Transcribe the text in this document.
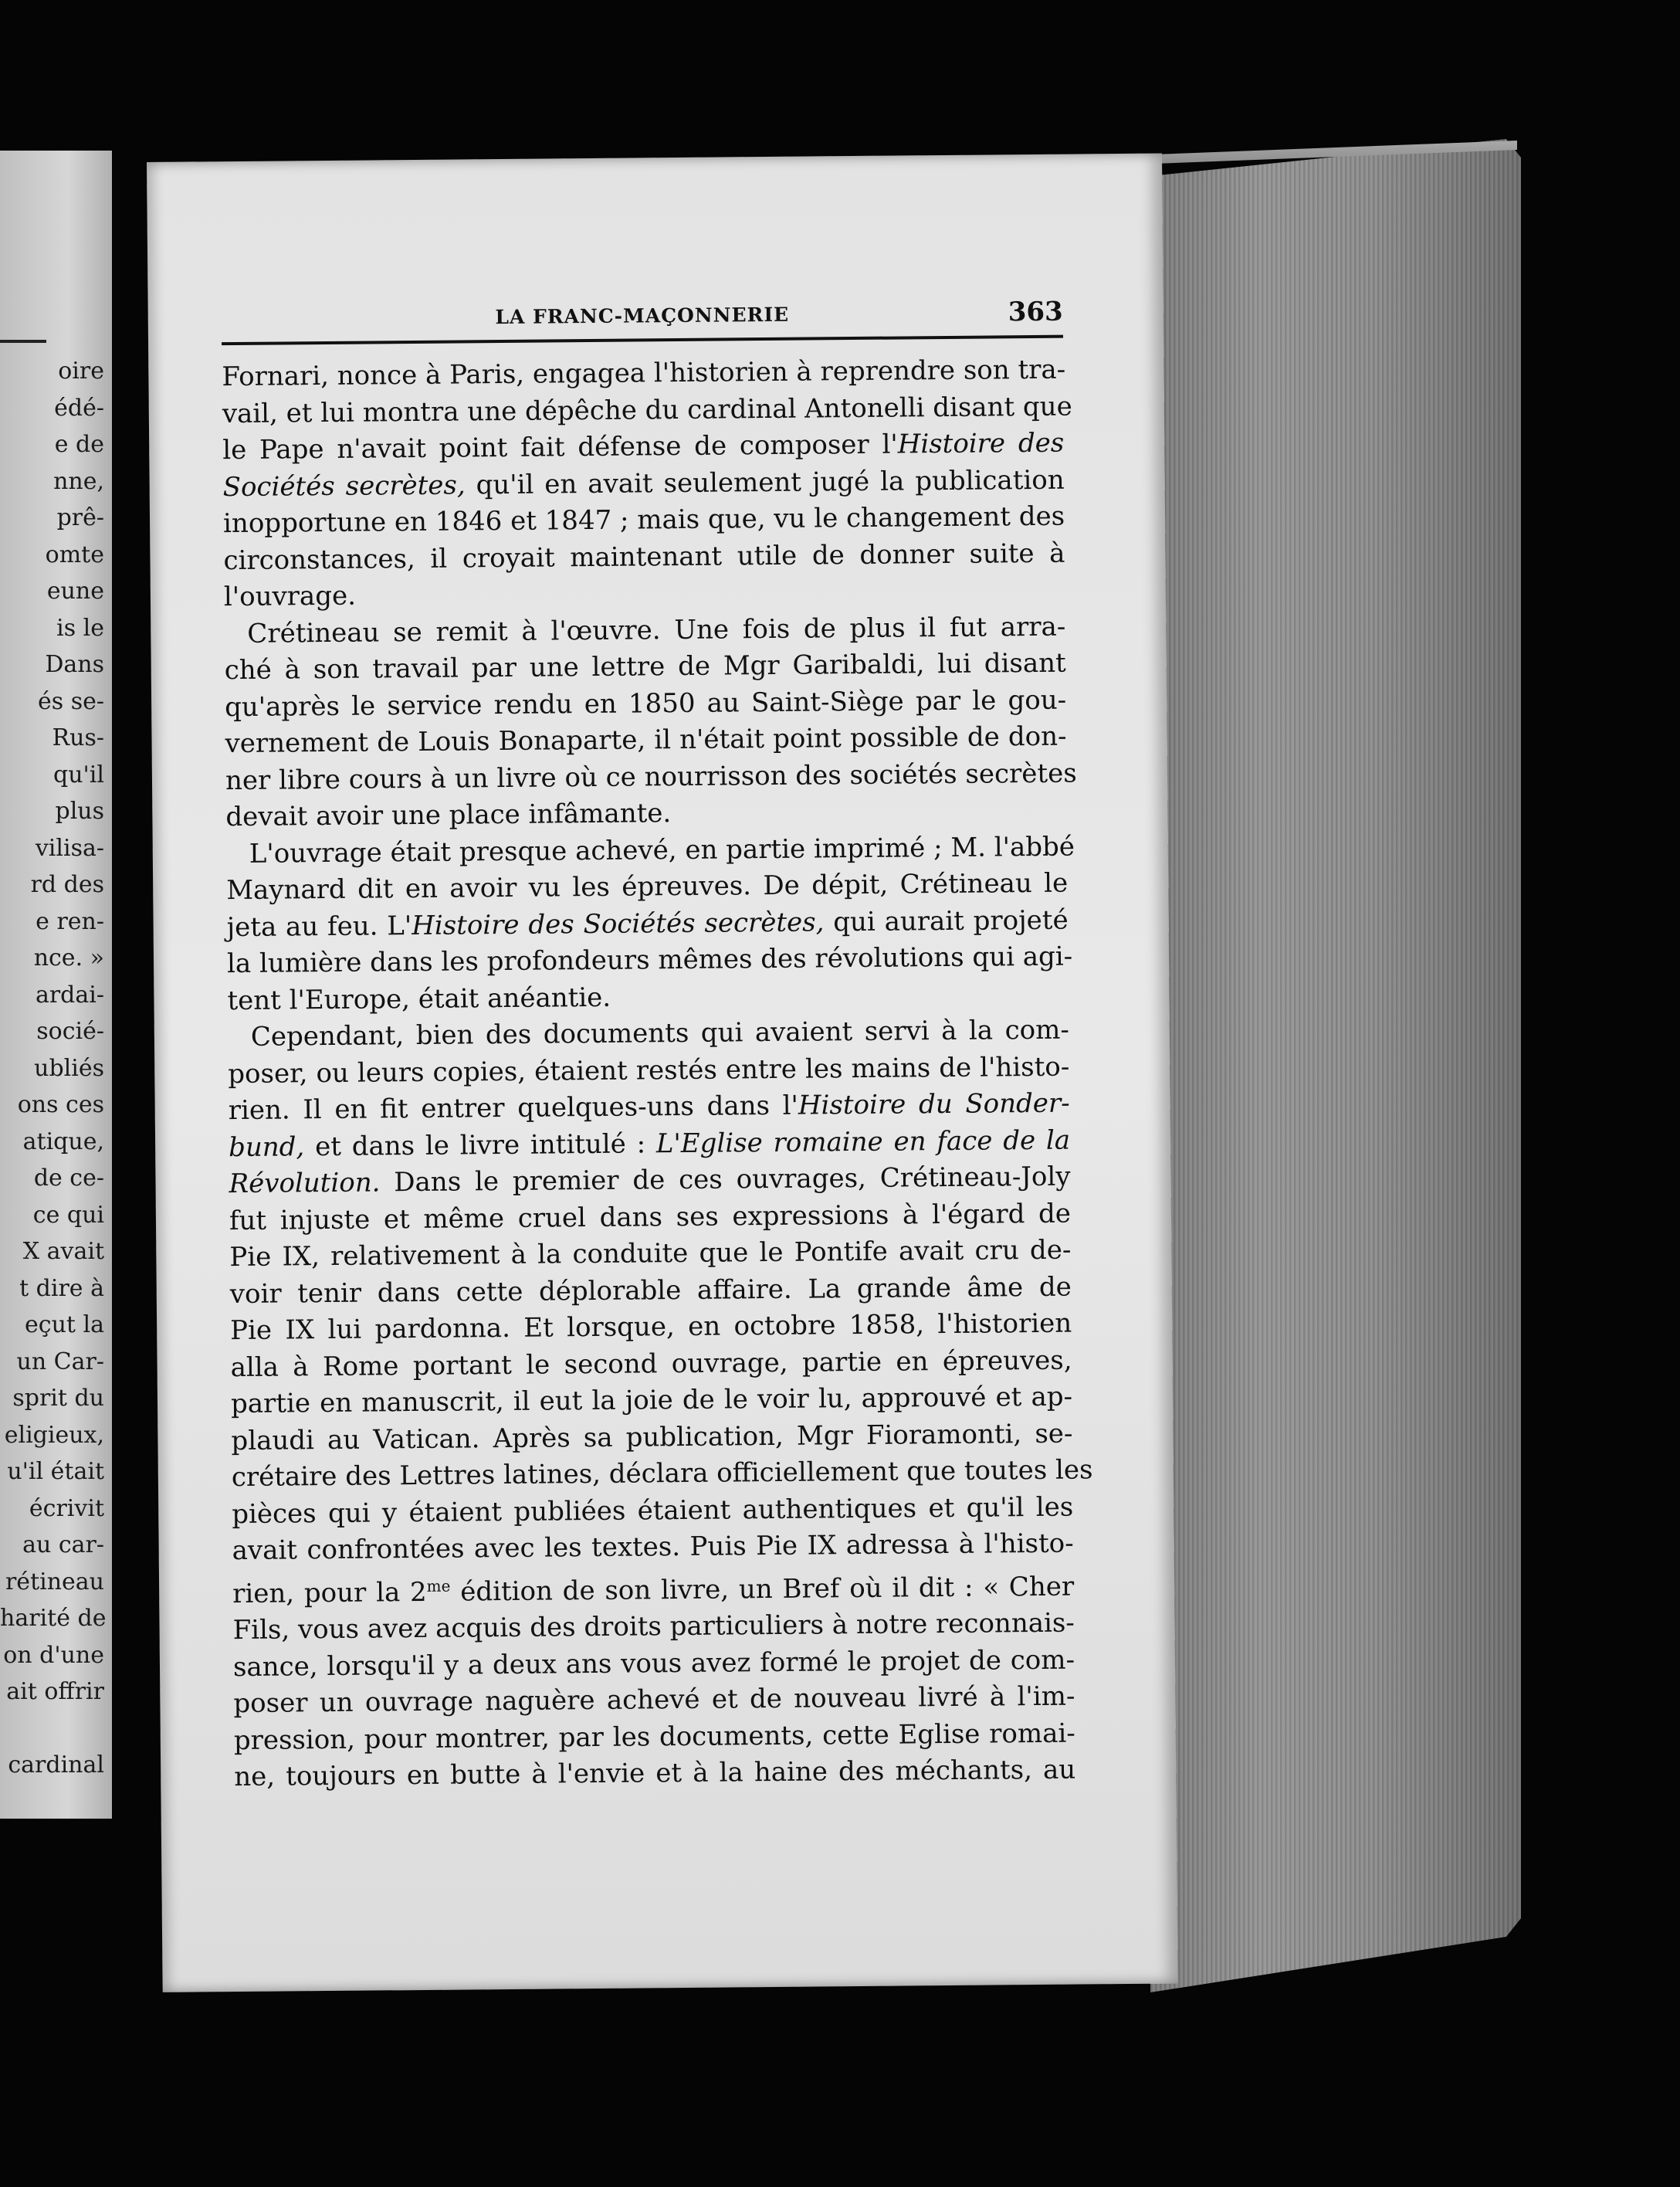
oire
édé-
e de
nne,
prê-
omte
eune
is le
Dans
és se-
Rus-
qu'il
plus
vilisa-
rd des
e ren-
nce. »
ardai-
socié-
ubliés
ons ces
atique,
de ce-
ce qui
X avait
t dire à
eçut la
un Car-
sprit du
eligieux,
u'il était
écrivit
au car-
rétineau
harité de
on d'une
ait offrir
cardinal
LA FRANC-MAÇONNERIE	363
Fornari, nonce à Paris, engagea l'historien à reprendre son tra-
vail, et lui montra une dépêche du cardinal Antonelli disant que
le Pape n'avait point fait défense de composer l'Histoire des
Sociétés secrètes, qu'il en avait seulement jugé la publication
inopportune en 1846 et 1847 ; mais que, vu le changement des
circonstances, il croyait maintenant utile de donner suite à
l'ouvrage.
Crétineau se remit à l'œuvre. Une fois de plus il fut arra-
ché à son travail par une lettre de Mgr Garibaldi, lui disant
qu'après le service rendu en 1850 au Saint-Siège par le gou-
vernement de Louis Bonaparte, il n'était point possible de don-
ner libre cours à un livre où ce nourrisson des sociétés secrètes
devait avoir une place infâmante.
L'ouvrage était presque achevé, en partie imprimé ; M. l'abbé
Maynard dit en avoir vu les épreuves. De dépit, Crétineau le
jeta au feu. L'Histoire des Sociétés secrètes, qui aurait projeté
la lumière dans les profondeurs mêmes des révolutions qui agi-
tent l'Europe, était anéantie.
Cependant, bien des documents qui avaient servi à la com-
poser, ou leurs copies, étaient restés entre les mains de l'histo-
rien. Il en fit entrer quelques-uns dans l'Histoire du Sonder-
bund, et dans le livre intitulé : L'Eglise romaine en face de la
Révolution. Dans le premier de ces ouvrages, Crétineau-Joly
fut injuste et même cruel dans ses expressions à l'égard de
Pie IX, relativement à la conduite que le Pontife avait cru de-
voir tenir dans cette déplorable affaire. La grande âme de
Pie IX lui pardonna. Et lorsque, en octobre 1858, l'historien
alla à Rome portant le second ouvrage, partie en épreuves,
partie en manuscrit, il eut la joie de le voir lu, approuvé et ap-
plaudi au Vatican. Après sa publication, Mgr Fioramonti, se-
crétaire des Lettres latines, déclara officiellement que toutes les
pièces qui y étaient publiées étaient authentiques et qu'il les
avait confrontées avec les textes. Puis Pie IX adressa à l'histo-
rien, pour la $2^{me}$ édition de son livre, un Bref où il dit : « Cher
Fils, vous avez acquis des droits particuliers à notre reconnais-
sance, lorsqu'il y a deux ans vous avez formé le projet de com-
poser un ouvrage naguère achevé et de nouveau livré à l'im-
pression, pour montrer, par les documents, cette Eglise romai-
ne, toujours en butte à l'envie et à la haine des méchants, au
